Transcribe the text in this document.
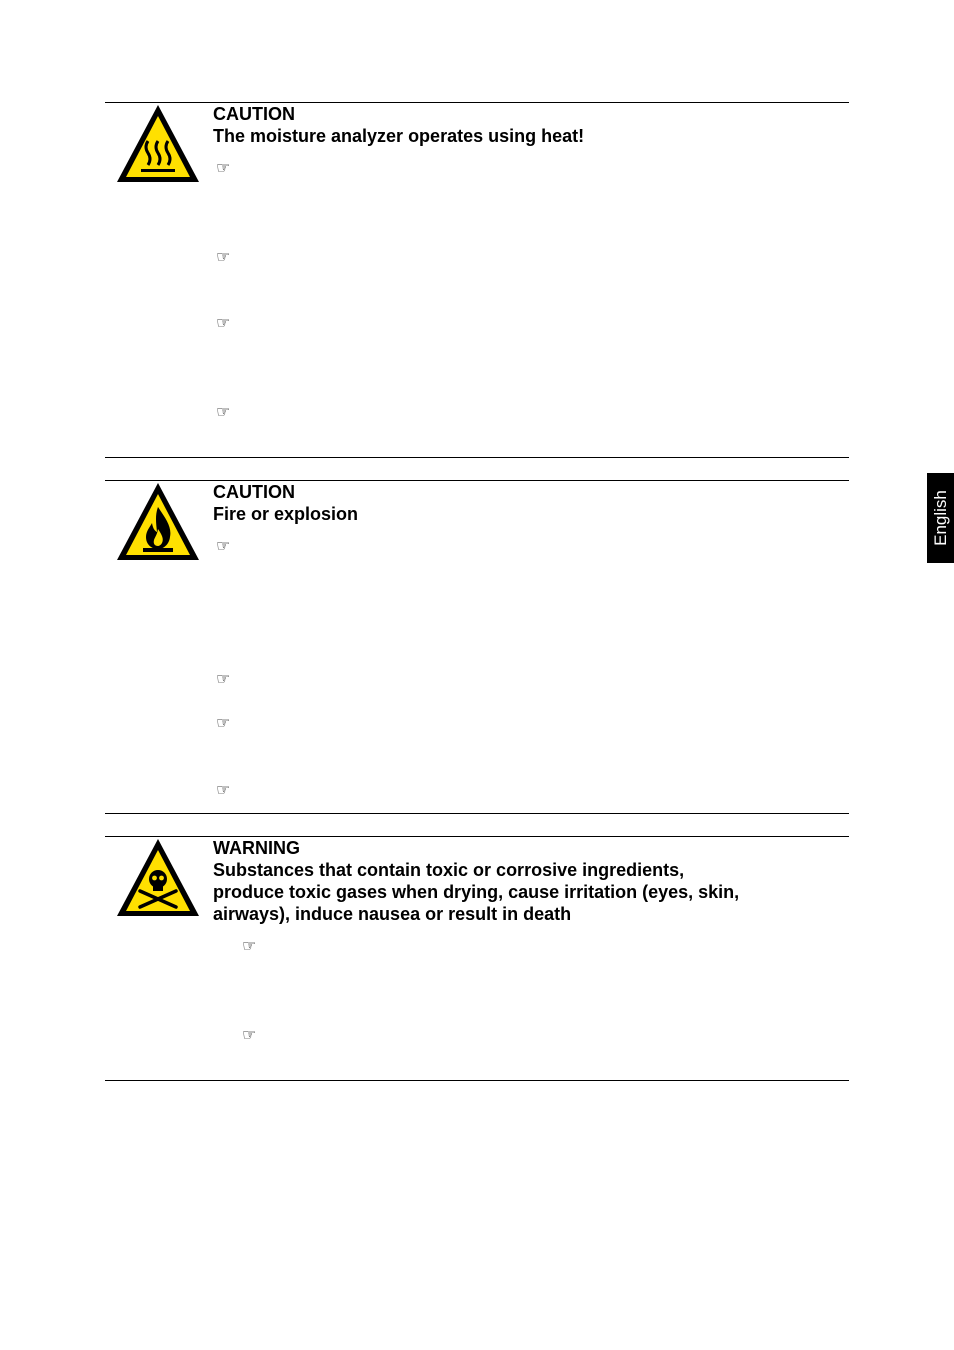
CAUTION
The moisture analyzer operates using heat!
☞
☞
☞
☞
CAUTION
Fire or explosion
☞
☞
☞
☞
WARNING
Substances that contain toxic or corrosive ingredients,
produce toxic gases when drying, cause irritation (eyes, skin,
airways), induce nausea or result in death
☞
☞
English
